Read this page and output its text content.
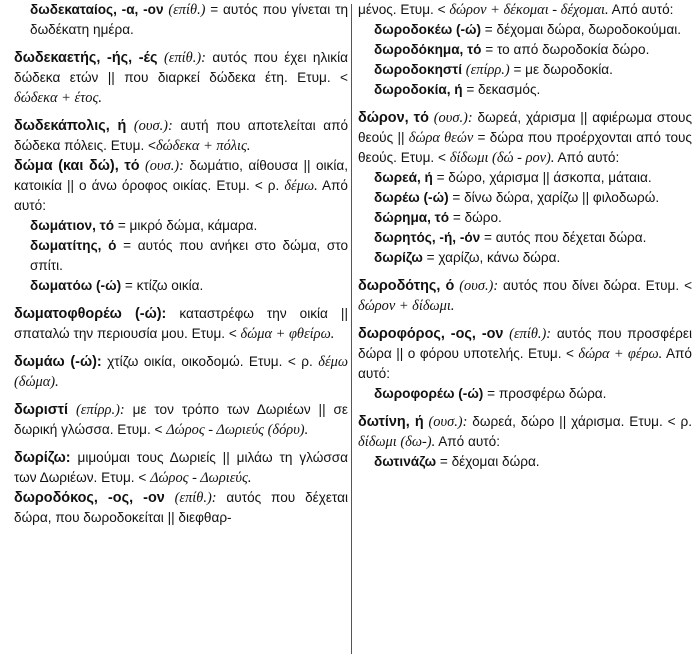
δωδεκαταίος, -α, -ον (επίθ.) = αυτός που γίνεται τη δωδέκατη ημέρα.

δωδεκαετής, -ής, -ές (επίθ.): αυτός που έχει ηλικία δώδεκα ετών || που διαρκεί δώδεκα έτη. Ετυμ. < δώδεκα + έτος.

δωδεκάπολις, ή (ουσ.): αυτή που αποτελείται από δώδεκα πόλεις. Ετυμ. <δώδεκα + πόλις.

δώμα (και δώ), τό (ουσ.): δωμάτιο, αίθουσα || οικία, κατοικία || ο άνω όροφος οικίας. Ετυμ. < ρ. δέμω. Από αυτό:

δωμάτιον, τό = μικρό δώμα, κάμαρα.

δωματίτης, ό = αυτός που ανήκει στο δώμα, στο σπίτι.

δωματόω (-ώ) = κτίζω οικία.

δωματοφθορέω (-ώ): καταστρέφω την οικία || σπαταλώ την περιουσία μου. Ετυμ. < δώμα + φθείρω.

δωμάω (-ώ): χτίζω οικία, οικοδομώ. Ετυμ. < ρ. δέμω (δώμα).

δωριστί (επίρρ.): με τον τρόπο των Δωριέων || σε δωρική γλώσσα. Ετυμ. < Δώρος - Δωριεύς (δόρυ).

δωρίζω: μιμούμαι τους Δωριείς || μιλάω τη γλώσσα των Δωριέων. Ετυμ. < Δώρος - Δωριεύς.

δωροδόκος, -ος, -ον (επίθ.): αυτός που δέχεται δώρα, που δωροδοκείται || διεφθαρ-

μένος. Ετυμ. < δώρον + δέκομαι - δέχομαι. Από αυτό:

δωροδοκέω (-ώ) = δέχομαι δώρα, δωροδοκούμαι.

δωροδόκημα, τό = το από δωροδοκία δώρο.

δωροδοκηστί (επίρρ.) = με δωροδοκία.

δωροδοκία, ή = δεκασμός.

δώρον, τό (ουσ.): δωρεά, χάρισμα || αφιέρωμα στους θεούς || δώρα θεών = δώρα που προέρχονται από τους θεούς. Ετυμ. < δίδωμι (δώ - ρον). Από αυτό:

δωρεά, ή = δώρο, χάρισμα || άσκοπα, μάταια.

δωρέω (-ώ) = δίνω δώρα, χαρίζω || φιλοδωρώ.

δώρημα, τό = δώρο.

δωρητός, -ή, -όν = αυτός που δέχεται δώρα.

δωρίζω = χαρίζω, κάνω δώρα.

δωροδότης, ό (ουσ.): αυτός που δίνει δώρα. Ετυμ. < δώρον + δίδωμι.

δωροφόρος, -ος, -ον (επίθ.): αυτός που προσφέρει δώρα || ο φόρου υποτελής. Ετυμ. < δώρα + φέρω. Από αυτό:

δωροφορέω (-ώ) = προσφέρω δώρα.

δωτίνη, ή (ουσ.): δωρεά, δώρο || χάρισμα. Ετυμ. < ρ. δίδωμι (δω-). Από αυτό:

δωτινάζω = δέχομαι δώρα.
